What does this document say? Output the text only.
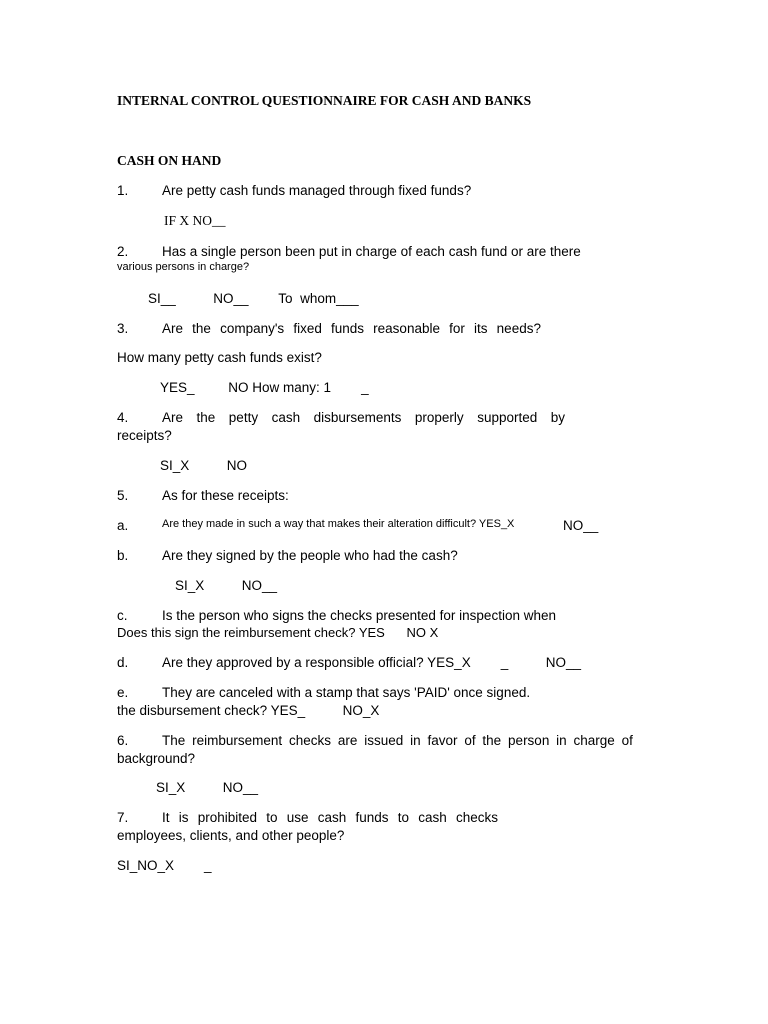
INTERNAL CONTROL QUESTIONNAIRE FOR CASH AND BANKS
CASH ON HAND
1. Are petty cash funds managed through fixed funds?
IF X NO__
2. Has a single person been put in charge of each cash fund or are there
various persons in charge?
SI__          NO__        To  whom___
3. Are the company's fixed funds reasonable for its needs?
How many petty cash funds exist?
YES_         NO How many: 1        _
4. Are the petty cash disbursements properly supported by
receipts?
SI_X          NO
5. As for these receipts:
a.	Are they made in such a way that makes their alteration difficult? YES_X	NO__
b. Are they signed by the people who had the cash?
SI_X          NO__
c.	Is the person who signs the checks presented for inspection when
Does this sign the reimbursement check? YES      NO X
d. Are they approved by a responsible official? YES_X        _          NO__
e. They are canceled with a stamp that says 'PAID' once signed.
the disbursement check? YES_          NO_X
6. The reimbursement checks are issued in favor of the person in charge of
background?
SI_X          NO__
7. It is prohibited to use cash funds to cash checks
employees, clients, and other people?
SI_NO_X        _
